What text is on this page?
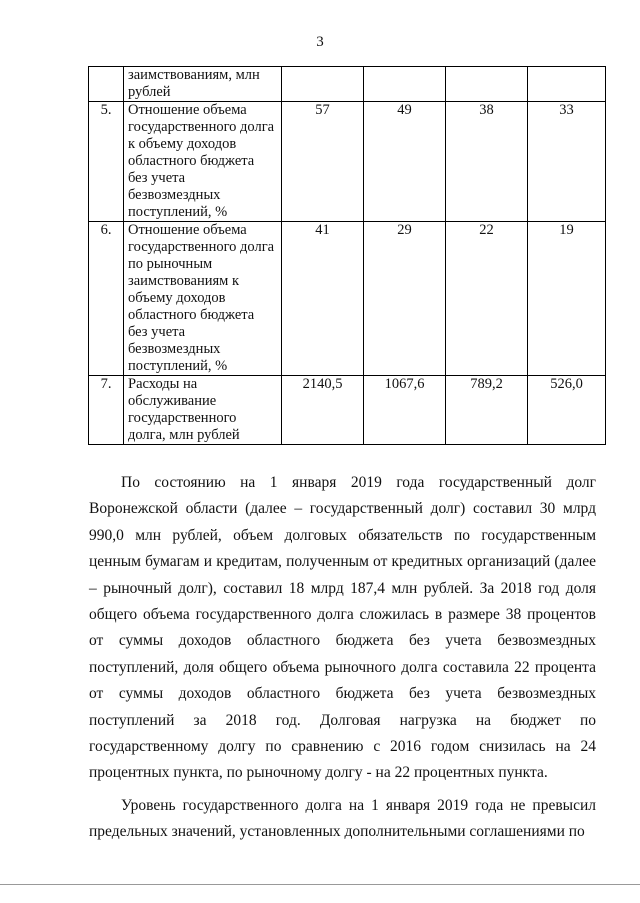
3
	заимствованиям, млн рублей				
5.	Отношение объема государственного долга к объему доходов областного бюджета без учета безвозмездных поступлений, %	57	49	38	33
6.	Отношение объема государственного долга по рыночным заимствованиям к объему доходов областного бюджета без учета безвозмездных поступлений, %	41	29	22	19
7.	Расходы на обслуживание государственного долга, млн рублей	2140,5	1067,6	789,2	526,0

По состоянию на 1 января 2019 года государственный долг Воронежской области (далее – государственный долг) составил 30 млрд 990,0 млн рублей, объем долговых обязательств по государственным ценным бумагам и кредитам, полученным от кредитных организаций (далее – рыночный долг), составил 18 млрд 187,4 млн рублей. За 2018 год доля общего объема государственного долга сложилась в размере 38 процентов от суммы доходов областного бюджета без учета безвозмездных поступлений, доля общего объема рыночного долга составила 22 процента от суммы доходов областного бюджета без учета безвозмездных поступлений за 2018 год. Долговая нагрузка на бюджет по государственному долгу по сравнению с 2016 годом снизилась на 24 процентных пункта, по рыночному долгу - на 22 процентных пункта.

Уровень государственного долга на 1 января 2019 года не превысил предельных значений, установленных дополнительными соглашениями по
